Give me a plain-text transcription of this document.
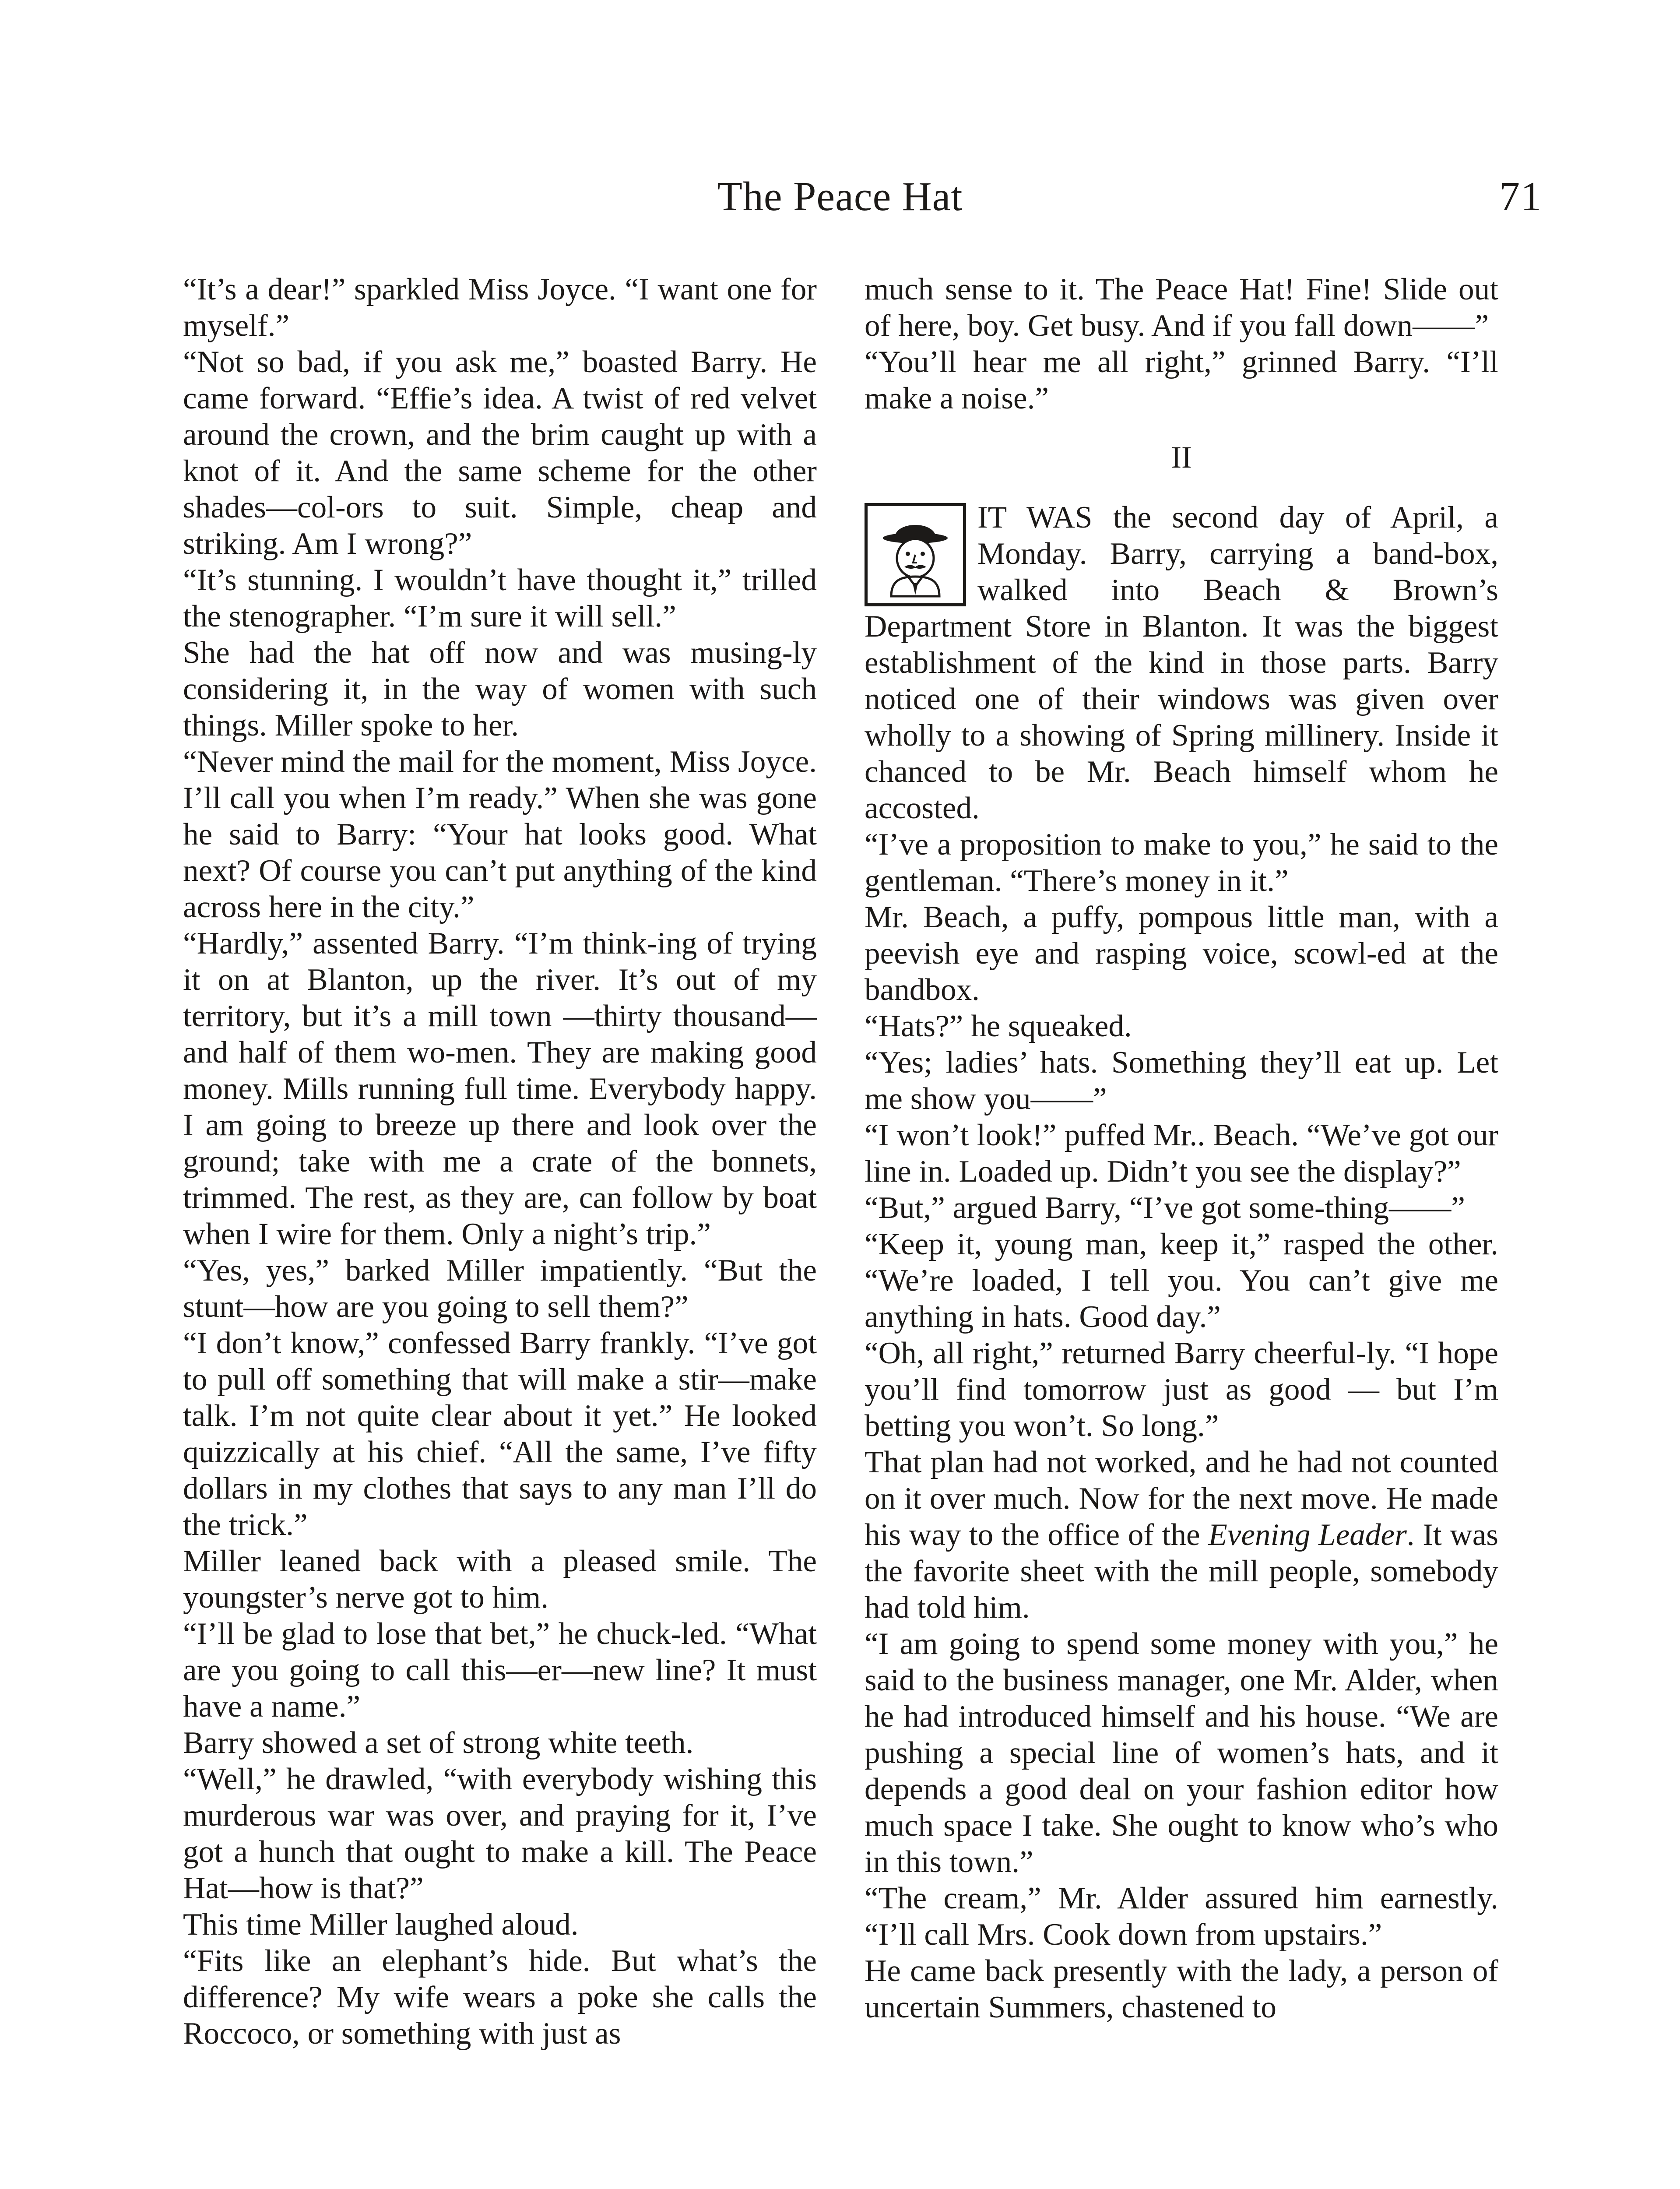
The Peace Hat	71

“It’s a dear!” sparkled Miss Joyce. “I want one for myself.”

“Not so bad, if you ask me,” boasted Barry. He came forward. “Effie’s idea. A twist of red velvet around the crown, and the brim caught up with a knot of it. And the same scheme for the other shades—col-ors to suit. Simple, cheap and striking. Am I wrong?”

“It’s stunning. I wouldn’t have thought it,” trilled the stenographer. “I’m sure it will sell.”

She had the hat off now and was musing-ly considering it, in the way of women with such things. Miller spoke to her.

“Never mind the mail for the moment, Miss Joyce. I’ll call you when I’m ready.” When she was gone he said to Barry: “Your hat looks good. What next? Of course you can’t put anything of the kind across here in the city.”

“Hardly,” assented Barry. “I’m think-ing of trying it on at Blanton, up the river. It’s out of my territory, but it’s a mill town —thirty thousand—and half of them wo-men. They are making good money. Mills running full time. Everybody happy. I am going to breeze up there and look over the ground; take with me a crate of the bonnets, trimmed. The rest, as they are, can follow by boat when I wire for them. Only a night’s trip.”

“Yes, yes,” barked Miller impatiently. “But the stunt—how are you going to sell them?”

“I don’t know,” confessed Barry frankly. “I’ve got to pull off something that will make a stir—make talk. I’m not quite clear about it yet.” He looked quizzically at his chief. “All the same, I’ve fifty dollars in my clothes that says to any man I’ll do the trick.”

Miller leaned back with a pleased smile. The youngster’s nerve got to him.

“I’ll be glad to lose that bet,” he chuck-led. “What are you going to call this—er—new line? It must have a name.”

Barry showed a set of strong white teeth.

“Well,” he drawled, “with everybody wishing this murderous war was over, and praying for it, I’ve got a hunch that ought to make a kill. The Peace Hat—how is that?”

This time Miller laughed aloud.

“Fits like an elephant’s hide. But what’s the difference? My wife wears a poke she calls the Roccoco, or something with just as

much sense to it. The Peace Hat! Fine! Slide out of here, boy. Get busy. And if you fall down——”

“You’ll hear me all right,” grinned Barry. “I’ll make a noise.”

II

IT WAS the second day of April, a Monday. Barry, carrying a band-box, walked into Beach & Brown’s Department Store in Blanton. It was the biggest establishment of the kind in those parts. Barry noticed one of their windows was given over wholly to a showing of Spring millinery. Inside it chanced to be Mr. Beach himself whom he accosted.

“I’ve a proposition to make to you,” he said to the gentleman. “There’s money in it.”

Mr. Beach, a puffy, pompous little man, with a peevish eye and rasping voice, scowl-ed at the bandbox.

“Hats?” he squeaked.

“Yes; ladies’ hats. Something they’ll eat up. Let me show you——”

“I won’t look!” puffed Mr.. Beach. “We’ve got our line in. Loaded up. Didn’t you see the display?”

“But,” argued Barry, “I’ve got some-thing——”

“Keep it, young man, keep it,” rasped the other. “We’re loaded, I tell you. You can’t give me anything in hats. Good day.”

“Oh, all right,” returned Barry cheerful-ly. “I hope you’ll find tomorrow just as good — but I’m betting you won’t. So long.”

That plan had not worked, and he had not counted on it over much. Now for the next move. He made his way to the office of the Evening Leader. It was the favorite sheet with the mill people, somebody had told him.

“I am going to spend some money with you,” he said to the business manager, one Mr. Alder, when he had introduced himself and his house. “We are pushing a special line of women’s hats, and it depends a good deal on your fashion editor how much space I take. She ought to know who’s who in this town.”

“The cream,” Mr. Alder assured him earnestly. “I’ll call Mrs. Cook down from upstairs.”

He came back presently with the lady, a person of uncertain Summers, chastened to
